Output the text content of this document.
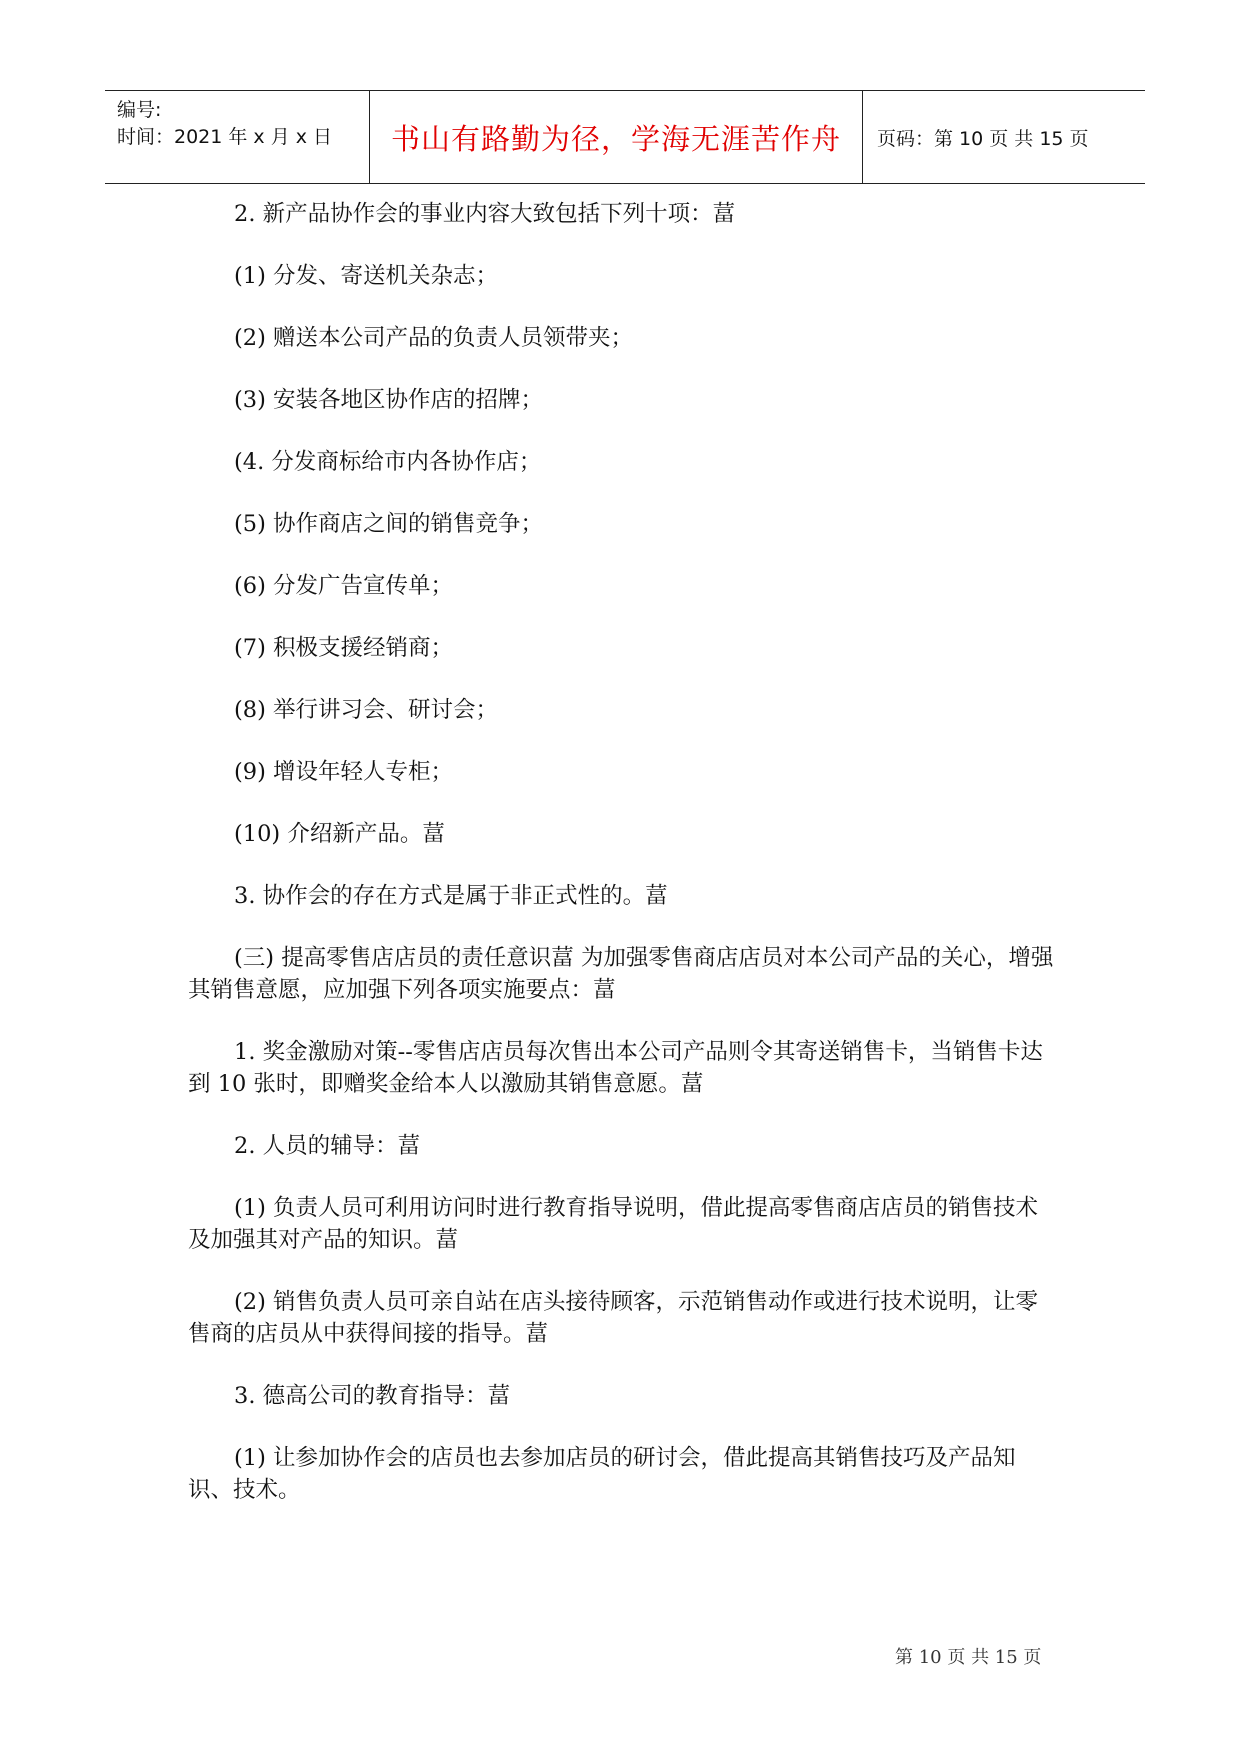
编号:
时间：2021 年 x 月 x 日 书山有路勤为径，学海无涯苦作舟 页码：第 10 页 共 15 页

2. 新产品协作会的事业内容大致包括下列十项：葍

(1) 分发、寄送机关杂志；

(2) 赠送本公司产品的负责人员领带夹；

(3) 安装各地区协作店的招牌；

(4. 分发商标给市内各协作店；

(5) 协作商店之间的销售竞争；

(6) 分发广告宣传单；

(7) 积极支援经销商；

(8) 举行讲习会、研讨会；

(9) 增设年轻人专柜；

(10) 介绍新产品。葍

3. 协作会的存在方式是属于非正式性的。葍

(三) 提高零售店店员的责任意识葍 为加强零售商店店员对本公司产品的关心，增强其销售意愿，应加强下列各项实施要点：葍

1. 奖金激励对策--零售店店员每次售出本公司产品则令其寄送销售卡，当销售卡达到 10 张时，即赠奖金给本人以激励其销售意愿。葍

2. 人员的辅导：葍

(1) 负责人员可利用访问时进行教育指导说明，借此提高零售商店店员的销售技术及加强其对产品的知识。葍

(2) 销售负责人员可亲自站在店头接待顾客，示范销售动作或进行技术说明，让零售商的店员从中获得间接的指导。葍

3. 德高公司的教育指导：葍

(1) 让参加协作会的店员也去参加店员的研讨会，借此提高其销售技巧及产品知识、技术。

第 10 页 共 15 页
